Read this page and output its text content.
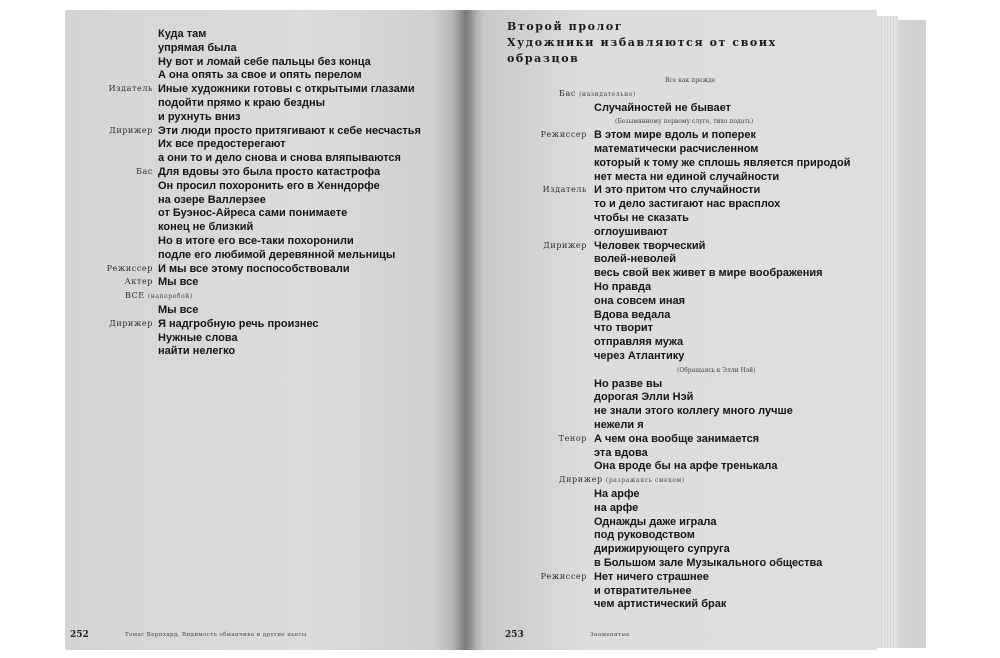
252	Томас Бернхард. Видимость обманчива и другие пьесы
Куда там
упрямая была
Ну вот и ломай себе пальцы без конца
А она опять за свое и опять перелом
Издатель Иные художники готовы с открытыми глазами
подойти прямо к краю бездны
и рухнуть вниз
Дирижер Эти люди просто притягивают к себе несчастья
Их все предостерегают
а они то и дело снова и снова вляпываются
Бас Для вдовы это была просто катастрофа
Он просил похоронить его в Хенндорфе
на озере Валлерзее
от Буэнос-Айреса сами понимаете
конец не близкий
Но в итоге его все-таки похоронили
подле его любимой деревянной мельницы
Режиссер И мы все этому поспособствовали
Актер Мы все
ВСЕ (наперебой)
Мы все
Дирижер Я надгробную речь произнес
Нужные слова
найти нелегко
Второй пролог
Художники избавляются от своих
образцов
253	Знаменитые
Все как прежде
Бас (назидательно)
Случайностей не бывает
(Безымянному первому слуге, тихо подать)
Режиссер В этом мире вдоль и поперек
математически расчисленном
который к тому же сплошь является природой
нет места ни единой случайности
Издатель И это притом что случайности
то и дело застигают нас врасплох
чтобы не сказать
оглоушивают
Дирижер Человек творческий
волей-неволей
весь свой век живет в мире воображения
Но правда
она совсем иная
Вдова ведала
что творит
отправляя мужа
через Атлантику
(Обращаясь к Элли Нэй)
Но разве вы
дорогая Элли Нэй
не знали этого коллегу много лучше
нежели я
Тенор А чем она вообще занимается
эта вдова
Она вроде бы на арфе тренькала
Дирижер (разражаясь смехом)
На арфе
на арфе
Однажды даже играла
под руководством
дирижирующего супруга
в Большом зале Музыкального общества
Режиссер Нет ничего страшнее
и отвратительнее
чем артистический брак
